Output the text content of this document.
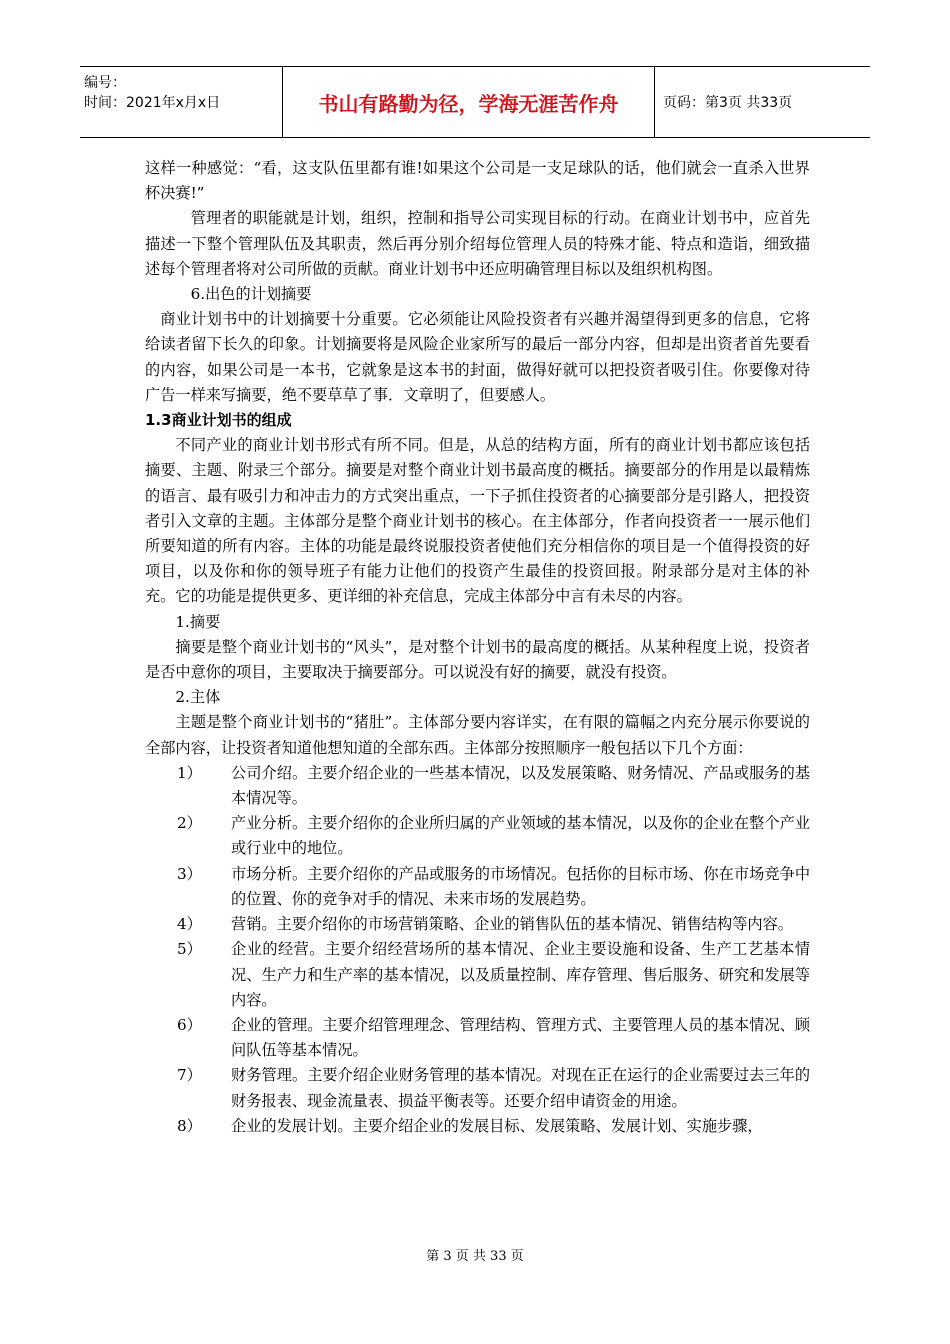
编号：
时间：2021年x月x日	书山有路勤为径，学海无涯苦作舟	页码：第3页 共33页

这样一种感觉：“看，这支队伍里都有谁!如果这个公司是一支足球队的话，他们就会一直杀入世界杯决赛!”

管理者的职能就是计划，组织，控制和指导公司实现目标的行动。在商业计划书中，应首先描述一下整个管理队伍及其职责，然后再分别介绍每位管理人员的特殊才能、特点和造诣，细致描述每个管理者将对公司所做的贡献。商业计划书中还应明确管理目标以及组织机构图。

6.出色的计划摘要

商业计划书中的计划摘要十分重要。它必须能让风险投资者有兴趣并渴望得到更多的信息，它将给读者留下长久的印象。计划摘要将是风险企业家所写的最后一部分内容，但却是出资者首先要看的内容，如果公司是一本书，它就象是这本书的封面，做得好就可以把投资者吸引住。你要像对待广告一样来写摘要，绝不要草草了事．文章明了，但要感人。

1.3商业计划书的组成

不同产业的商业计划书形式有所不同。但是，从总的结构方面，所有的商业计划书都应该包括摘要、主题、附录三个部分。摘要是对整个商业计划书最高度的概括。摘要部分的作用是以最精炼的语言、最有吸引力和冲击力的方式突出重点，一下子抓住投资者的心摘要部分是引路人，把投资者引入文章的主题。主体部分是整个商业计划书的核心。在主体部分，作者向投资者一一展示他们所要知道的所有内容。主体的功能是最终说服投资者使他们充分相信你的项目是一个值得投资的好项目，以及你和你的领导班子有能力让他们的投资产生最佳的投资回报。附录部分是对主体的补充。它的功能是提供更多、更详细的补充信息，完成主体部分中言有未尽的内容。

1.摘要

摘要是整个商业计划书的“风头”，是对整个计划书的最高度的概括。从某种程度上说，投资者是否中意你的项目，主要取决于摘要部分。可以说没有好的摘要，就没有投资。

2.主体

主题是整个商业计划书的“猪肚”。主体部分要内容详实，在有限的篇幅之内充分展示你要说的全部内容，让投资者知道他想知道的全部东西。主体部分按照顺序一般包括以下几个方面：

1）	公司介绍。主要介绍企业的一些基本情况，以及发展策略、财务情况、产品或服务的基本情况等。
2）	产业分析。主要介绍你的企业所归属的产业领域的基本情况，以及你的企业在整个产业或行业中的地位。
3）	市场分析。主要介绍你的产品或服务的市场情况。包括你的目标市场、你在市场竞争中的位置、你的竞争对手的情况、未来市场的发展趋势。
4）	营销。主要介绍你的市场营销策略、企业的销售队伍的基本情况、销售结构等内容。
5）	企业的经营。主要介绍经营场所的基本情况、企业主要设施和设备、生产工艺基本情况、生产力和生产率的基本情况，以及质量控制、库存管理、售后服务、研究和发展等内容。
6）	企业的管理。主要介绍管理理念、管理结构、管理方式、主要管理人员的基本情况、顾问队伍等基本情况。
7）	财务管理。主要介绍企业财务管理的基本情况。对现在正在运行的企业需要过去三年的财务报表、现金流量表、损益平衡表等。还要介绍申请资金的用途。
8）	企业的发展计划。主要介绍企业的发展目标、发展策略、发展计划、实施步骤，
第 3 页 共 33 页
